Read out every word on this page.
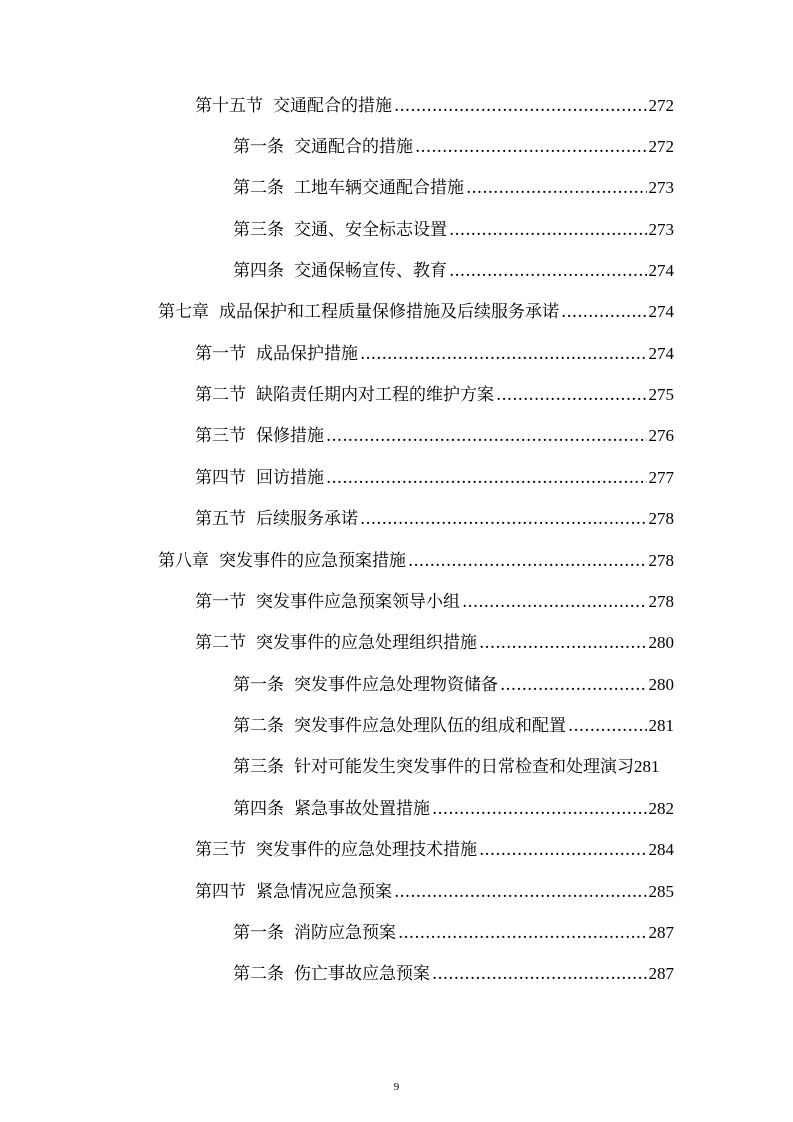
第十五节 交通配合的措施 .....	272
第一条 交通配合的措施 .....	272
第二条 工地车辆交通配合措施 .....	273
第三条 交通、安全标志设置 .....	273
第四条 交通保畅宣传、教育 .....	274
第七章 成品保护和工程质量保修措施及后续服务承诺 .....	274
第一节 成品保护措施 .....	274
第二节 缺陷责任期内对工程的维护方案 .....	275
第三节 保修措施 .....	276
第四节 回访措施 .....	277
第五节 后续服务承诺 .....	278
第八章 突发事件的应急预案措施 .....	278
第一节 突发事件应急预案领导小组 .....	278
第二节 突发事件的应急处理组织措施 .....	280
第一条 突发事件应急处理物资储备 .....	280
第二条 突发事件应急处理队伍的组成和配置 .....	281
第三条 针对可能发生突发事件的日常检查和处理演习 281
第四条 紧急事故处置措施 .....	282
第三节 突发事件的应急处理技术措施 .....	284
第四节 紧急情况应急预案 .....	285
第一条 消防应急预案 .....	287
第二条 伤亡事故应急预案 .....	287
9
